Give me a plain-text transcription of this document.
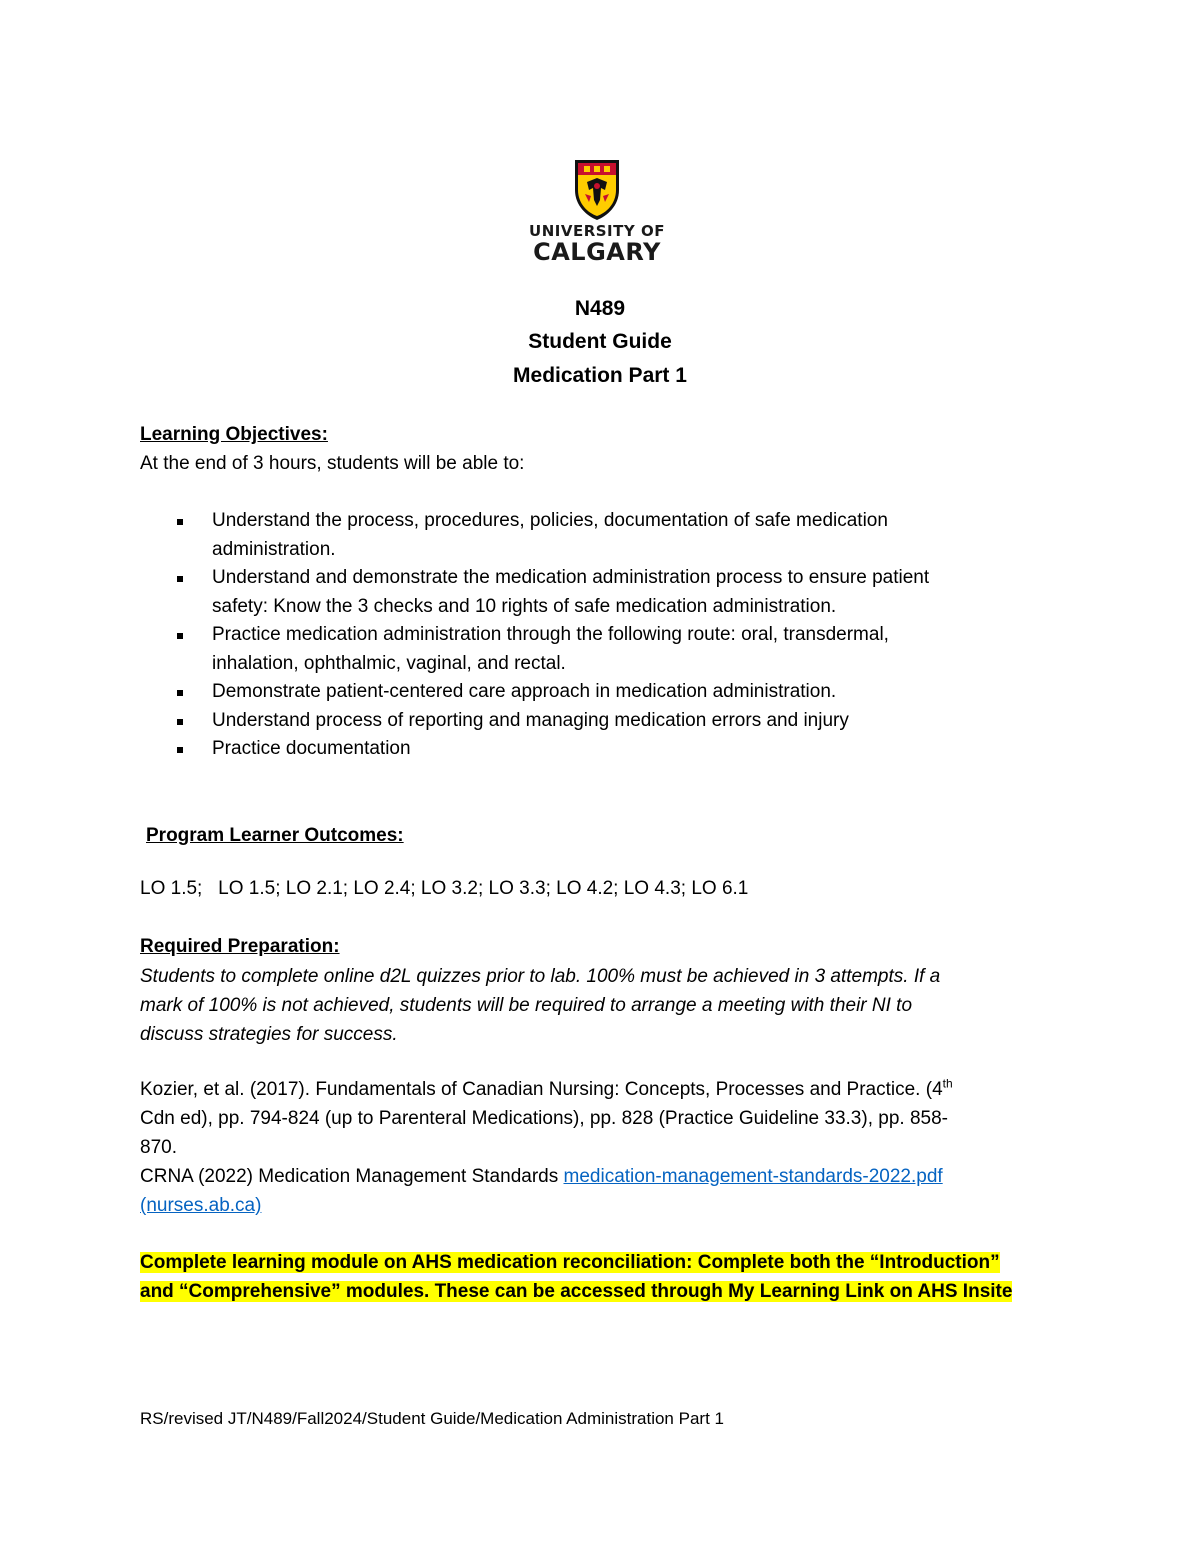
UNIVERSITY OF
CALGARY
N489
Student Guide
Medication Part 1
Learning Objectives:
At the end of 3 hours, students will be able to:
Understand the process, procedures, policies, documentation of safe medication
administration.
Understand and demonstrate the medication administration process to ensure patient
safety: Know the 3 checks and 10 rights of safe medication administration.
Practice medication administration through the following route: oral, transdermal,
inhalation, ophthalmic, vaginal, and rectal.
Demonstrate patient-centered care approach in medication administration.
Understand process of reporting and managing medication errors and injury
Practice documentation
Program Learner Outcomes:
LO 1.5;   LO 1.5; LO 2.1; LO 2.4; LO 3.2; LO 3.3; LO 4.2; LO 4.3; LO 6.1
Required Preparation:
Students to complete online d2L quizzes prior to lab. 100% must be achieved in 3 attempts. If a
mark of 100% is not achieved, students will be required to arrange a meeting with their NI to
discuss strategies for success.
Kozier, et al. (2017). Fundamentals of Canadian Nursing: Concepts, Processes and Practice. (4th
Cdn ed), pp. 794-824 (up to Parenteral Medications), pp. 828 (Practice Guideline 33.3), pp. 858-
870.
CRNA (2022) Medication Management Standards medication-management-standards-2022.pdf
(nurses.ab.ca)
Complete learning module on AHS medication reconciliation: Complete both the “Introduction”
and “Comprehensive” modules. These can be accessed through My Learning Link on AHS Insite
RS/revised JT/N489/Fall2024/Student Guide/Medication Administration Part 1
